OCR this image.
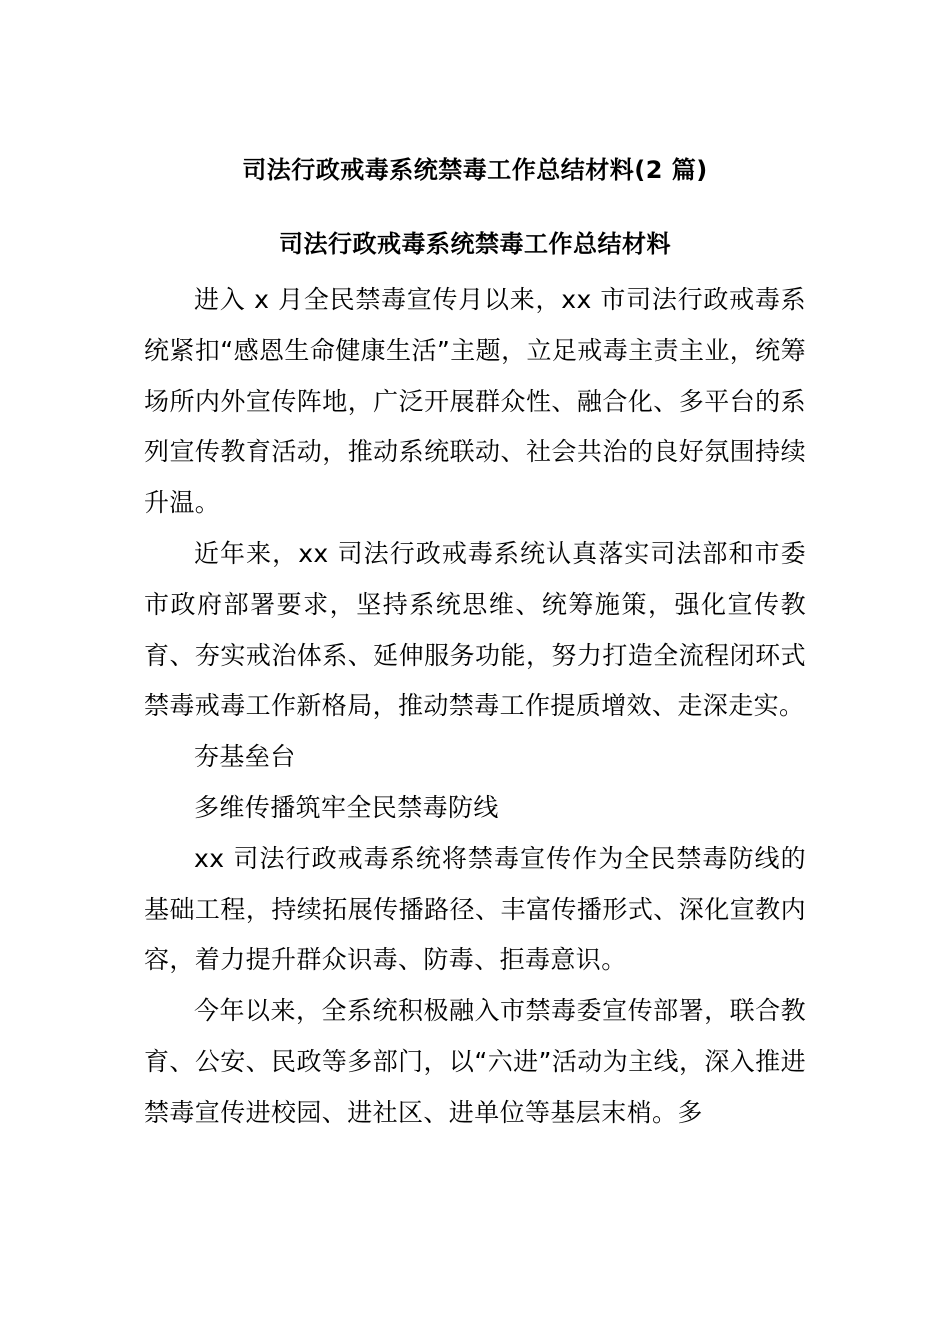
司法行政戒毒系统禁毒工作总结材料(2 篇)
司法行政戒毒系统禁毒工作总结材料

进入 x 月全民禁毒宣传月以来，xx 市司法行政戒毒系统紧扣“感恩生命健康生活”主题，立足戒毒主责主业，统筹场所内外宣传阵地，广泛开展群众性、融合化、多平台的系列宣传教育活动，推动系统联动、社会共治的良好氛围持续升温。

近年来，xx 司法行政戒毒系统认真落实司法部和市委市政府部署要求，坚持系统思维、统筹施策，强化宣传教育、夯实戒治体系、延伸服务功能，努力打造全流程闭环式禁毒戒毒工作新格局，推动禁毒工作提质增效、走深走实。

夯基垒台

多维传播筑牢全民禁毒防线

xx 司法行政戒毒系统将禁毒宣传作为全民禁毒防线的基础工程，持续拓展传播路径、丰富传播形式、深化宣教内容，着力提升群众识毒、防毒、拒毒意识。

今年以来，全系统积极融入市禁毒委宣传部署，联合教育、公安、民政等多部门，以“六进”活动为主线，深入推进禁毒宣传进校园、进社区、进单位等基层末梢。多
